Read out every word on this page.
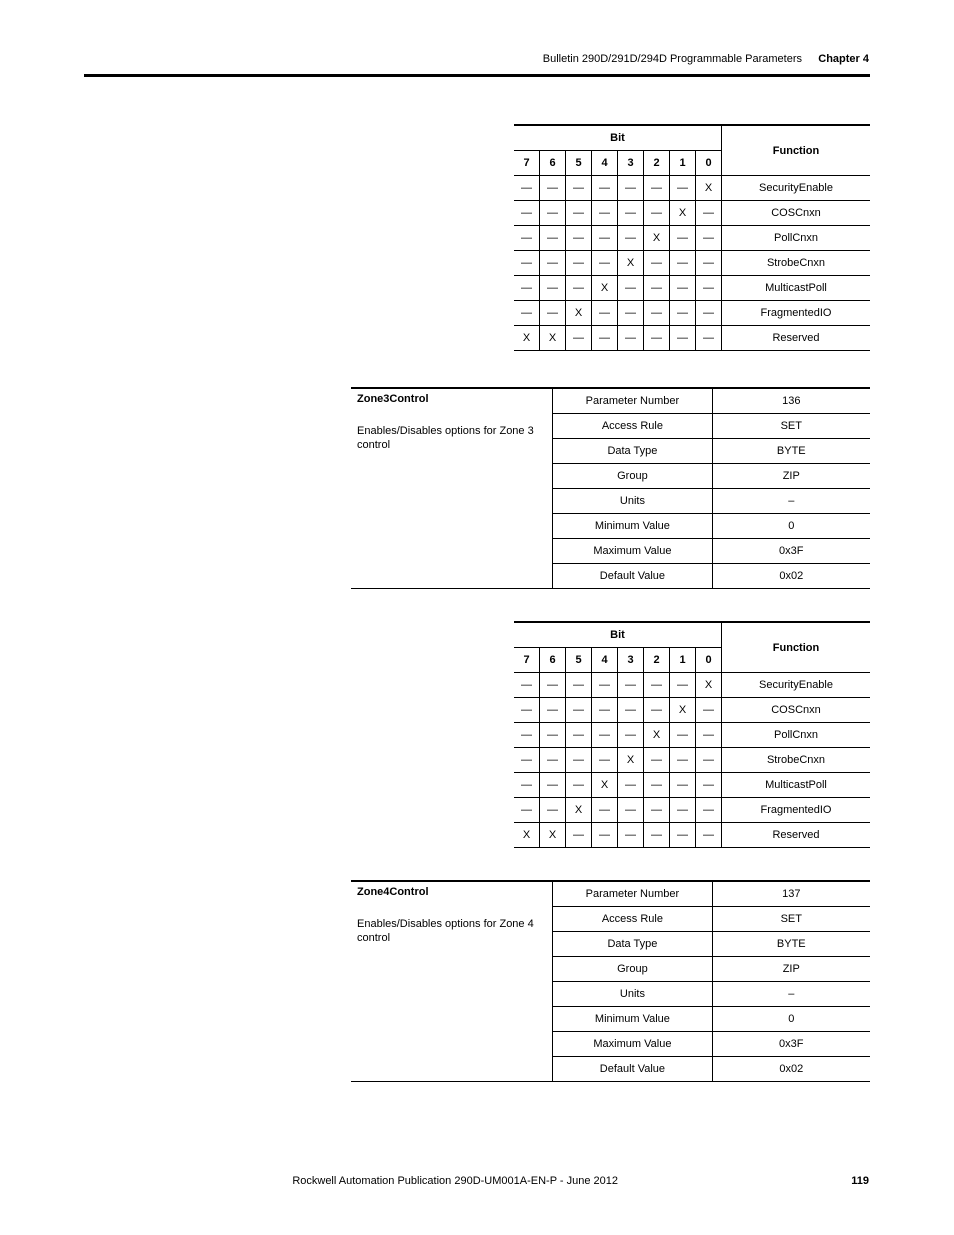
Bulletin 290D/291D/294D Programmable Parameters Chapter 4
Bit								Function
7	6	5	4	3	2	1	0	
—	—	—	—	—	—	—	X	SecurityEnable
—	—	—	—	—	—	X	—	COSCnxn
—	—	—	—	—	X	—	—	PollCnxn
—	—	—	—	X	—	—	—	StrobeCnxn
—	—	—	X	—	—	—	—	MulticastPoll
—	—	X	—	—	—	—	—	FragmentedIO
X	X	—	—	—	—	—	—	Reserved
Zone3Control
Enables/Disables options for Zone 3 control	Parameter Number	136
	Access Rule	SET
	Data Type	BYTE
	Group	ZIP
	Units	–
	Minimum Value	0
	Maximum Value	0x3F
	Default Value	0x02
Bit								Function
7	6	5	4	3	2	1	0	
—	—	—	—	—	—	—	X	SecurityEnable
—	—	—	—	—	—	X	—	COSCnxn
—	—	—	—	—	X	—	—	PollCnxn
—	—	—	—	X	—	—	—	StrobeCnxn
—	—	—	X	—	—	—	—	MulticastPoll
—	—	X	—	—	—	—	—	FragmentedIO
X	X	—	—	—	—	—	—	Reserved
Zone4Control
Enables/Disables options for Zone 4 control	Parameter Number	137
	Access Rule	SET
	Data Type	BYTE
	Group	ZIP
	Units	–
	Minimum Value	0
	Maximum Value	0x3F
	Default Value	0x02
Rockwell Automation Publication 290D-UM001A-EN-P - June 2012	119
